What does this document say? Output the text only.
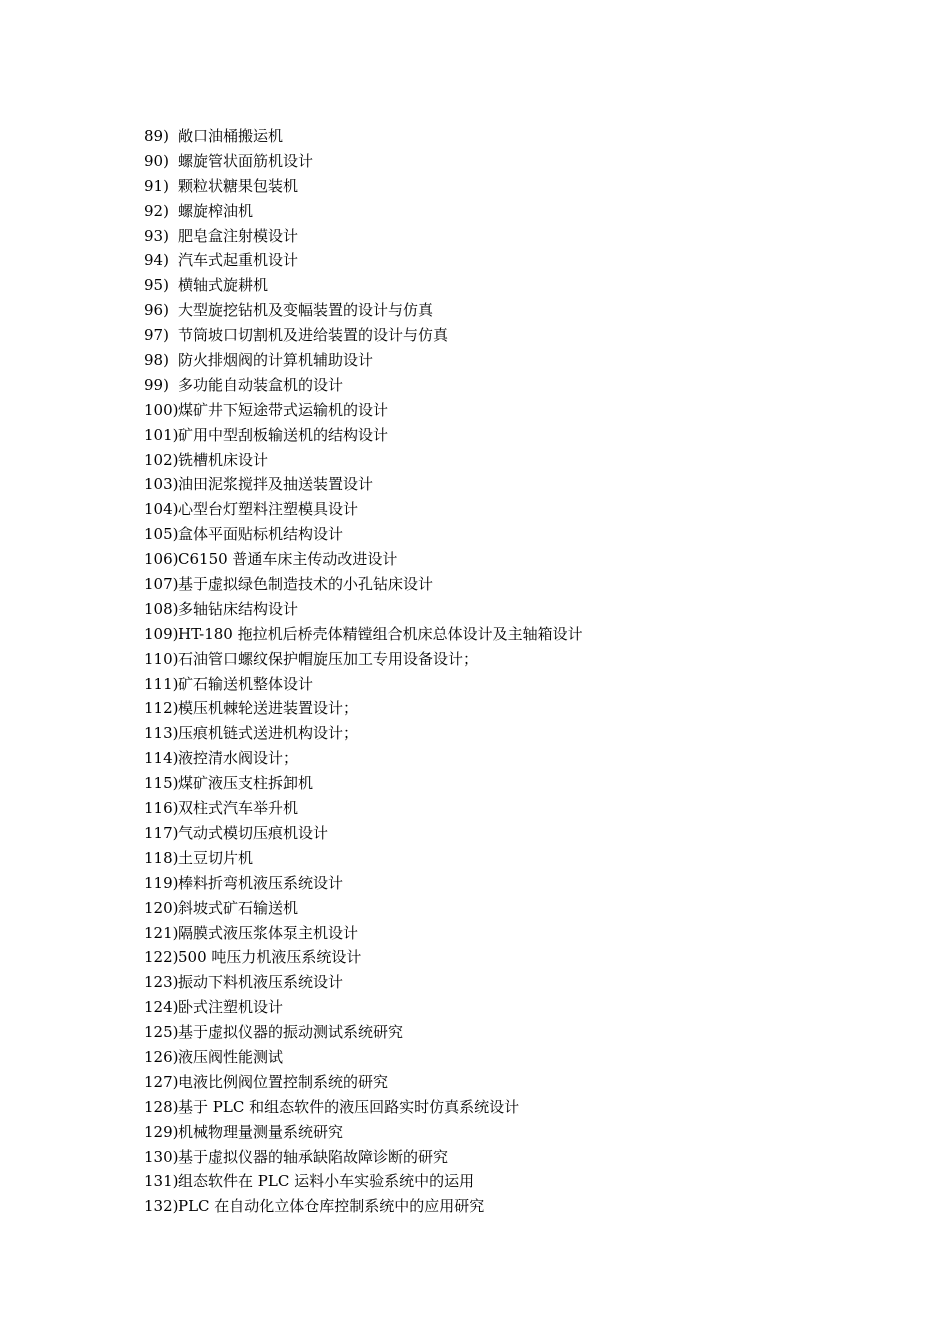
89) 敞口油桶搬运机
90) 螺旋管状面筋机设计
91) 颗粒状糖果包装机
92) 螺旋榨油机
93) 肥皂盒注射模设计
94) 汽车式起重机设计
95) 横轴式旋耕机
96) 大型旋挖钻机及变幅装置的设计与仿真
97) 节筒坡口切割机及进给装置的设计与仿真
98) 防火排烟阀的计算机辅助设计
99) 多功能自动装盒机的设计
100) 煤矿井下短途带式运输机的设计
101) 矿用中型刮板输送机的结构设计
102) 铣槽机床设计
103) 油田泥浆搅拌及抽送装置设计
104) 心型台灯塑料注塑模具设计
105) 盒体平面贴标机结构设计
106) C6150 普通车床主传动改进设计
107) 基于虚拟绿色制造技术的小孔钻床设计
108) 多轴钻床结构设计
109) HT-180 拖拉机后桥壳体精镗组合机床总体设计及主轴箱设计
110) 石油管口螺纹保护帽旋压加工专用设备设计；
111) 矿石输送机整体设计
112) 模压机棘轮送进装置设计；
113) 压痕机链式送进机构设计；
114) 液控清水阀设计；
115) 煤矿液压支柱拆卸机
116) 双柱式汽车举升机
117) 气动式模切压痕机设计
118) 土豆切片机
119) 棒料折弯机液压系统设计
120) 斜坡式矿石输送机
121) 隔膜式液压浆体泵主机设计
122) 500 吨压力机液压系统设计
123) 振动下料机液压系统设计
124) 卧式注塑机设计
125) 基于虚拟仪器的振动测试系统研究
126) 液压阀性能测试
127) 电液比例阀位置控制系统的研究
128) 基于 PLC 和组态软件的液压回路实时仿真系统设计
129) 机械物理量测量系统研究
130) 基于虚拟仪器的轴承缺陷故障诊断的研究
131) 组态软件在 PLC 运料小车实验系统中的运用
132) PLC 在自动化立体仓库控制系统中的应用研究
